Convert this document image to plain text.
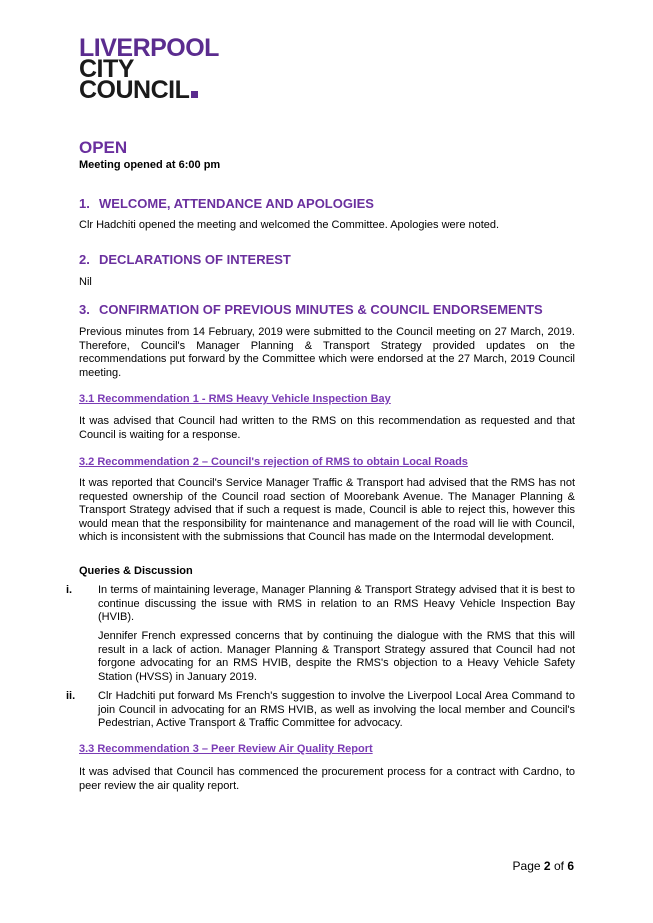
LIVERPOOL
CITY
COUNCIL
OPEN
Meeting opened at 6:00 pm
1. WELCOME, ATTENDANCE AND APOLOGIES
Clr Hadchiti opened the meeting and welcomed the Committee. Apologies were noted.
2. DECLARATIONS OF INTEREST
Nil
3. CONFIRMATION OF PREVIOUS MINUTES & COUNCIL ENDORSEMENTS
Previous minutes from 14 February, 2019 were submitted to the Council meeting on 27 March, 2019. Therefore, Council's Manager Planning & Transport Strategy provided updates on the recommendations put forward by the Committee which were endorsed at the 27 March, 2019 Council meeting.
3.1 Recommendation 1 - RMS Heavy Vehicle Inspection Bay
It was advised that Council had written to the RMS on this recommendation as requested and that Council is waiting for a response.
3.2 Recommendation 2 – Council's rejection of RMS to obtain Local Roads
It was reported that Council's Service Manager Traffic & Transport had advised that the RMS has not requested ownership of the Council road section of Moorebank Avenue. The Manager Planning & Transport Strategy advised that if such a request is made, Council is able to reject this, however this would mean that the responsibility for maintenance and management of the road will lie with Council, which is inconsistent with the submissions that Council has made on the Intermodal development.
Queries & Discussion
i. In terms of maintaining leverage, Manager Planning & Transport Strategy advised that it is best to continue discussing the issue with RMS in relation to an RMS Heavy Vehicle Inspection Bay (HVIB).
Jennifer French expressed concerns that by continuing the dialogue with the RMS that this will result in a lack of action. Manager Planning & Transport Strategy assured that Council had not forgone advocating for an RMS HVIB, despite the RMS's objection to a Heavy Vehicle Safety Station (HVSS) in January 2019.
ii. Clr Hadchiti put forward Ms French's suggestion to involve the Liverpool Local Area Command to join Council in advocating for an RMS HVIB, as well as involving the local member and Council's Pedestrian, Active Transport & Traffic Committee for advocacy.
3.3 Recommendation 3 – Peer Review Air Quality Report
It was advised that Council has commenced the procurement process for a contract with Cardno, to peer review the air quality report.
Page 2 of 6
